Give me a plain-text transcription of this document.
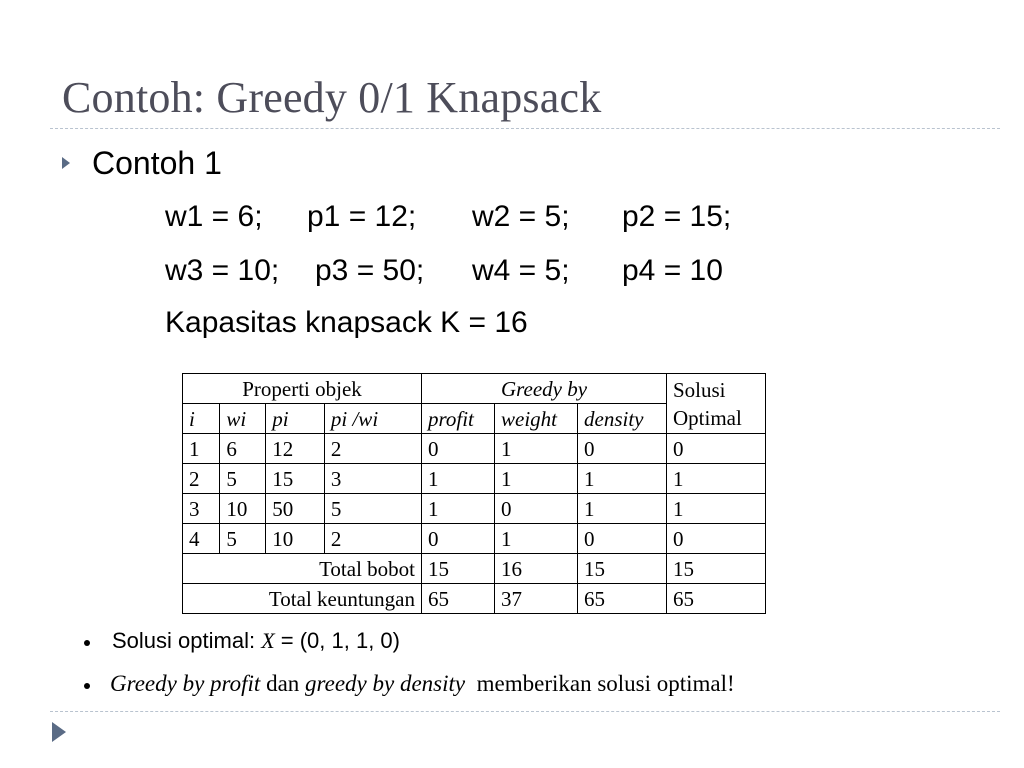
Contoh: Greedy 0/1 Knapsack
Contoh 1
w1 = 6; p1 = 12; w2 = 5; p2 = 15;
w3 = 10; p3 = 50; w4 = 5; p4 = 10
Kapasitas knapsack K = 16
Properti objek				Greedy by			Solusi Optimal
i	wi	pi	pi /wi	profit	weight	density	
1	6	12	2	0	1	0	0
2	5	15	3	1	1	1	1
3	10	50	5	1	0	1	1
4	5	10	2	0	1	0	0
Total bobot				15	16	15	15
Total keuntungan				65	37	65	65
Solusi optimal: X = (0, 1, 1, 0)
Greedy by profit dan greedy by density  memberikan solusi optimal!
